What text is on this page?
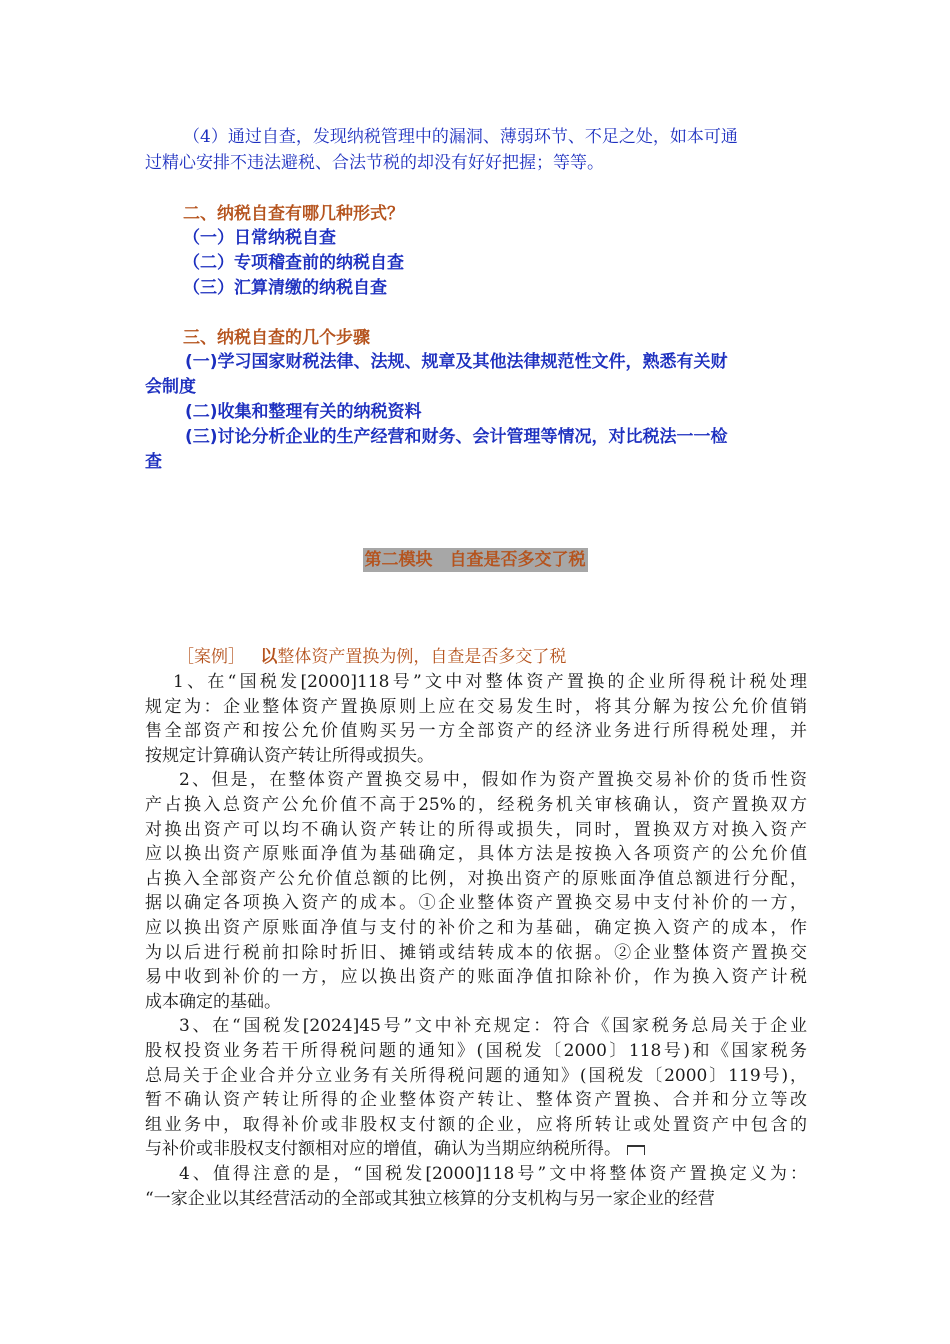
（4）通过自查，发现纳税管理中的漏洞、薄弱环节、不足之处，如本可通
过精心安排不违法避税、合法节税的却没有好好把握；等等。
二、纳税自查有哪几种形式？
（一）日常纳税自查
（二）专项稽查前的纳税自查
（三）汇算清缴的纳税自查
三、纳税自查的几个步骤
(一)学习国家财税法律、法规、规章及其他法律规范性文件，熟悉有关财
会制度
(二)收集和整理有关的纳税资料
(三)讨论分析企业的生产经营和财务、会计管理等情况，对比税法一一检
查
第二模块　自查是否多交了税
［案例］ 以整体资产置换为例，自查是否多交了税
1、在“国税发[2000]118号”文中对整体资产置换的企业所得税计税处理
规定为：企业整体资产置换原则上应在交易发生时，将其分解为按公允价值销
售全部资产和按公允价值购买另一方全部资产的经济业务进行所得税处理，并
按规定计算确认资产转让所得或损失。
2、但是，在整体资产置换交易中，假如作为资产置换交易补价的货币性资
产占换入总资产公允价值不高于25%的，经税务机关审核确认，资产置换双方
对换出资产可以均不确认资产转让的所得或损失，同时，置换双方对换入资产
应以换出资产原账面净值为基础确定，具体方法是按换入各项资产的公允价值
占换入全部资产公允价值总额的比例，对换出资产的原账面净值总额进行分配，
据以确定各项换入资产的成本。①企业整体资产置换交易中支付补价的一方，
应以换出资产原账面净值与支付的补价之和为基础，确定换入资产的成本，作
为以后进行税前扣除时折旧、摊销或结转成本的依据。②企业整体资产置换交
易中收到补价的一方，应以换出资产的账面净值扣除补价，作为换入资产计税
成本确定的基础。
3、在“国税发[2024]45号”文中补充规定：符合《国家税务总局关于企业
股权投资业务若干所得税问题的通知》(国税发〔2000〕118号)和《国家税务
总局关于企业合并分立业务有关所得税问题的通知》(国税发〔2000〕119号)，
暂不确认资产转让所得的企业整体资产转让、整体资产置换、合并和分立等改
组业务中，取得补价或非股权支付额的企业，应将所转让或处置资产中包含的
与补价或非股权支付额相对应的增值，确认为当期应纳税所得。
4、值得注意的是，“国税发[2000]118号”文中将整体资产置换定义为：
“一家企业以其经营活动的全部或其独立核算的分支机构与另一家企业的经营
